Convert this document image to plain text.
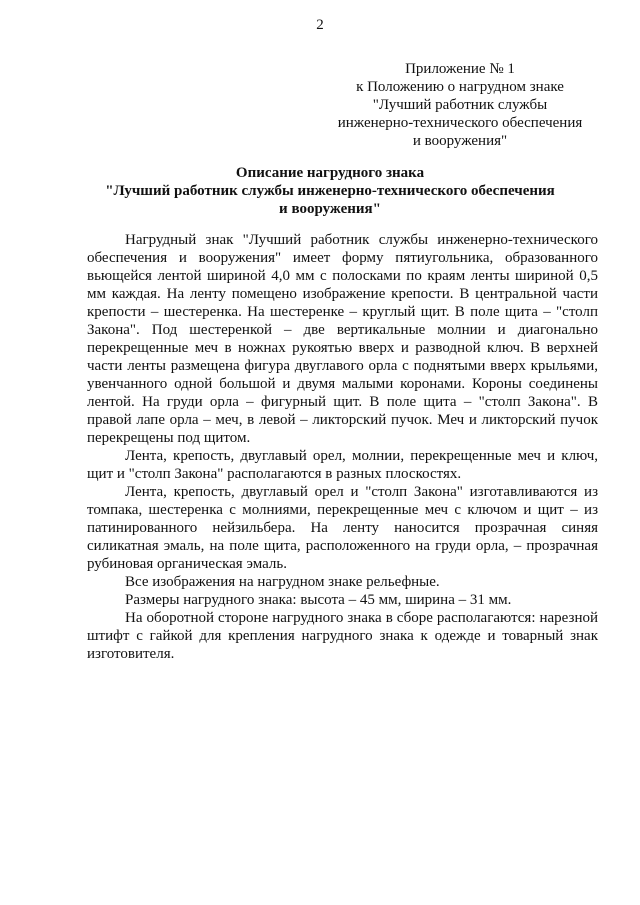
2
Приложение № 1
к Положению о нагрудном знаке
"Лучший работник службы
инженерно-технического обеспечения
и вооружения"
Описание нагрудного знака
"Лучший работник службы инженерно-технического обеспечения
и вооружения"

Нагрудный знак "Лучший работник службы инженерно-технического обеспечения и вооружения" имеет форму пятиугольника, образованного вьющейся лентой шириной 4,0 мм с полосками по краям ленты шириной 0,5 мм каждая. На ленту помещено изображение крепости. В центральной части крепости – шестеренка. На шестеренке – круглый щит. В поле щита – "столп Закона". Под шестеренкой – две вертикальные молнии и диагонально перекрещенные меч в ножнах рукоятью вверх и разводной ключ. В верхней части ленты размещена фигура двуглавого орла с поднятыми вверх крыльями, увенчанного одной большой и двумя малыми коронами. Короны соединены лентой. На груди орла – фигурный щит. В поле щита – "столп Закона". В правой лапе орла – меч, в левой – ликторский пучок. Меч и ликторский пучок перекрещены под щитом.

Лента, крепость, двуглавый орел, молнии, перекрещенные меч и ключ, щит и "столп Закона" располагаются в разных плоскостях.

Лента, крепость, двуглавый орел и "столп Закона" изготавливаются из томпака, шестеренка с молниями, перекрещенные меч с ключом и щит – из патинированного нейзильбера. На ленту наносится прозрачная синяя силикатная эмаль, на поле щита, расположенного на груди орла, – прозрачная рубиновая органическая эмаль.

Все изображения на нагрудном знаке рельефные.

Размеры нагрудного знака: высота – 45 мм, ширина – 31 мм.

На оборотной стороне нагрудного знака в сборе располагаются: нарезной штифт с гайкой для крепления нагрудного знака к одежде и товарный знак изготовителя.
